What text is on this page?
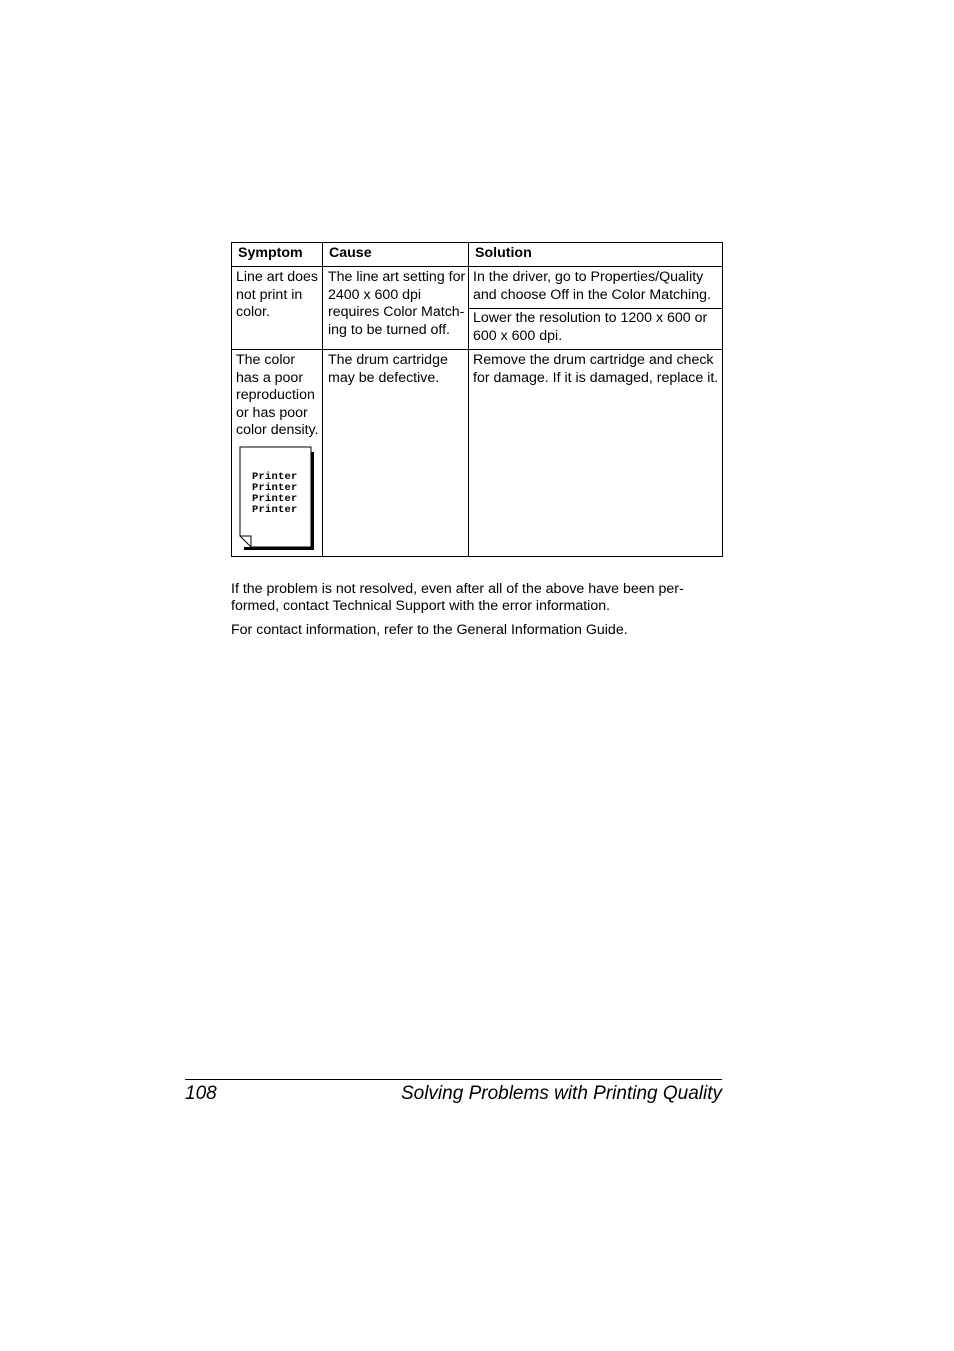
Symptom Cause	Solution
Line art does
not print in
color.
The line art setting for
2400 x 600 dpi
requires Color Match-
ing to be turned off.
In the driver, go to Properties/Quality
and choose Off in the Color Matching.
Lower the resolution to 1200 x 600 or
600 x 600 dpi.
The color
has a poor
reproduction
or has poor
color density.
Printer
Printer
Printer
Printer
The drum cartridge
may be defective.
Remove the drum cartridge and check
for damage. If it is damaged, replace it.
If the problem is not resolved, even after all of the above have been per-
formed, contact Technical Support with the error information.
For contact information, refer to the General Information Guide.
108	Solving Problems with Printing Quality
